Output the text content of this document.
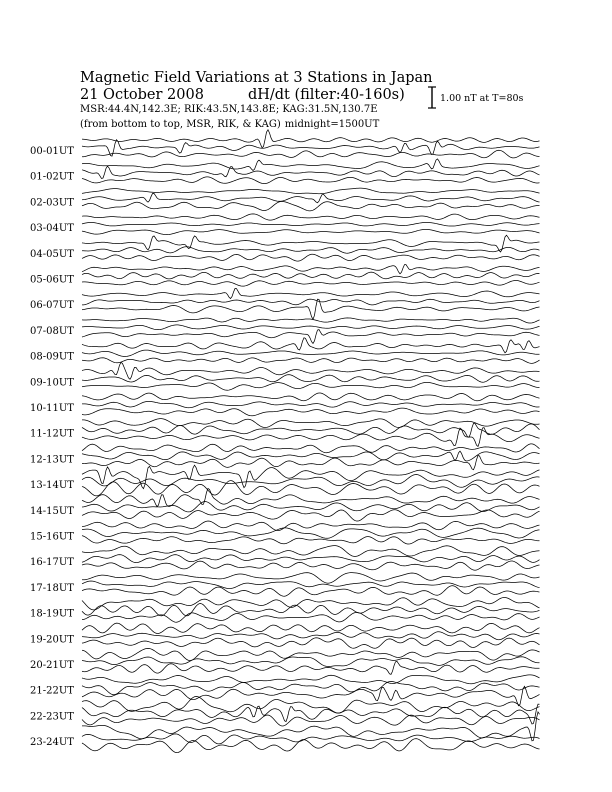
Magnetic Field Variations at 3 Stations in Japan
21 October 2008	dH/dt (filter:40-160s)
MSR:44.4N,142.3E; RIK:43.5N,143.8E; KAG:31.5N,130.7E
(from bottom to top, MSR, RIK, & KAG) midnight=1500UT
1.00 nT at T=80s
00-01UT
01-02UT
02-03UT
03-04UT
04-05UT
05-06UT
06-07UT
07-08UT
08-09UT
09-10UT
10-11UT
11-12UT
12-13UT
13-14UT
14-15UT
15-16UT
16-17UT
17-18UT
18-19UT
19-20UT
20-21UT
21-22UT
22-23UT
23-24UT
